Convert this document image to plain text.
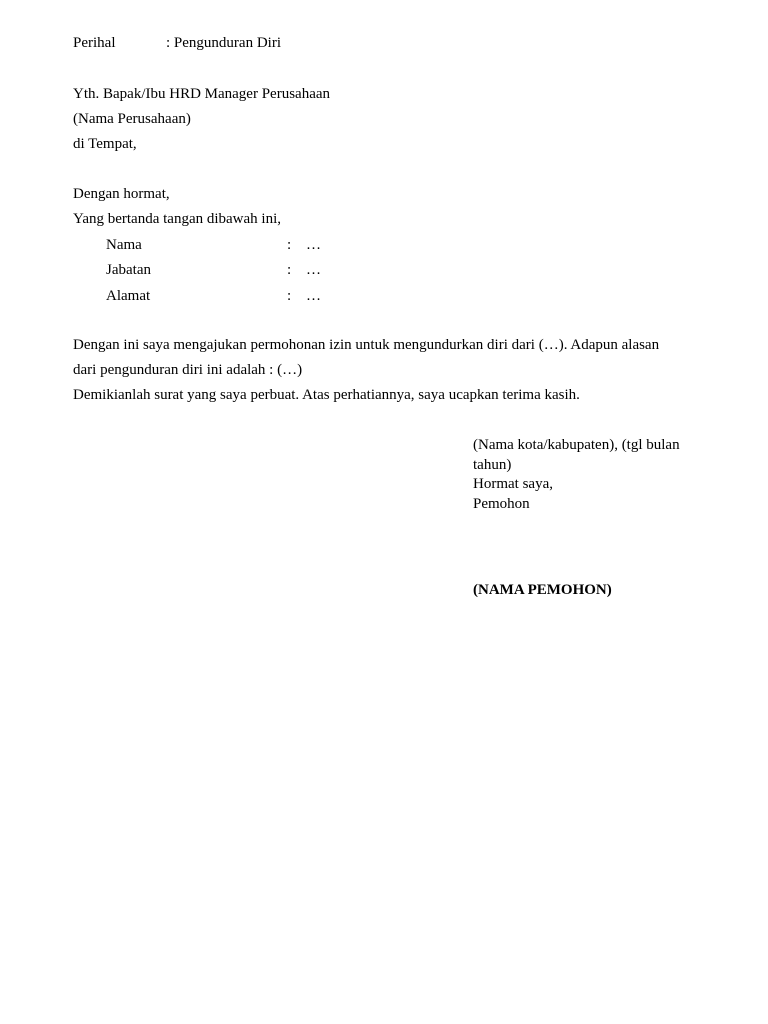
Perihal	: Pengunduran Diri
Yth. Bapak/Ibu HRD Manager Perusahaan
(Nama Perusahaan)
di Tempat,
Dengan hormat,
Yang bertanda tangan dibawah ini,
Nama	: …
Jabatan	: …
Alamat	: …
Dengan ini saya mengajukan permohonan izin untuk mengundurkan diri dari (…). Adapun alasan
dari pengunduran diri ini adalah : (…)
Demikianlah surat yang saya perbuat. Atas perhatiannya, saya ucapkan terima kasih.
(Nama kota/kabupaten), (tgl bulan tahun)
Hormat saya,
Pemohon
(NAMA PEMOHON)
